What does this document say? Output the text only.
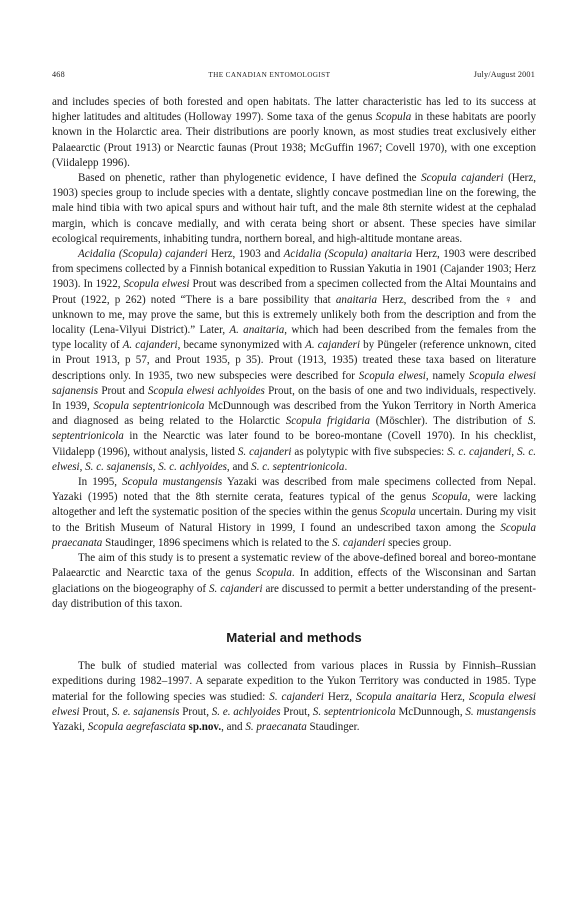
468	THE CANADIAN ENTOMOLOGIST	July/August 2001

and includes species of both forested and open habitats. The latter characteristic has led to its success at higher latitudes and altitudes (Holloway 1997). Some taxa of the genus Scopula in these habitats are poorly known in the Holarctic area. Their distributions are poorly known, as most studies treat exclusively either Palaearctic (Prout 1913) or Nearctic faunas (Prout 1938; McGuffin 1967; Covell 1970), with one exception (Viidalepp 1996).

Based on phenetic, rather than phylogenetic evidence, I have defined the Scopula cajanderi (Herz, 1903) species group to include species with a dentate, slightly concave postmedian line on the forewing, the male hind tibia with two apical spurs and without hair tuft, and the male 8th sternite widest at the cephalad margin, which is concave medially, and with cerata being short or absent. These species have similar ecological requirements, inhabiting tundra, northern boreal, and high-altitude montane areas.

Acidalia (Scopula) cajanderi Herz, 1903 and Acidalia (Scopula) anaitaria Herz, 1903 were described from specimens collected by a Finnish botanical expedition to Russian Yakutia in 1901 (Cajander 1903; Herz 1903). In 1922, Scopula elwesi Prout was described from a specimen collected from the Altai Mountains and Prout (1922, p 262) noted “There is a bare possibility that anaitaria Herz, described from the ♀ and unknown to me, may prove the same, but this is extremely unlikely both from the description and from the locality (Lena-Vilyui District).” Later, A. anaitaria, which had been described from the females from the type locality of A. cajanderi, became synonymized with A. cajanderi by Püngeler (reference unknown, cited in Prout 1913, p 57, and Prout 1935, p 35). Prout (1913, 1935) treated these taxa based on literature descriptions only. In 1935, two new subspecies were described for Scopula elwesi, namely Scopula elwesi sajanensis Prout and Scopula elwesi achlyoides Prout, on the basis of one and two individuals, respectively. In 1939, Scopula septentrionicola McDunnough was described from the Yukon Territory in North America and diagnosed as being related to the Holarctic Scopula frigidaria (Möschler). The distribution of S. septentrionicola in the Nearctic was later found to be boreo-montane (Covell 1970). In his checklist, Viidalepp (1996), without analysis, listed S. cajanderi as polytypic with five subspecies: S. c. cajanderi, S. c. elwesi, S. c. sajanensis, S. c. achlyoides, and S. c. septentrionicola.

In 1995, Scopula mustangensis Yazaki was described from male specimens collected from Nepal. Yazaki (1995) noted that the 8th sternite cerata, features typical of the genus Scopula, were lacking altogether and left the systematic position of the species within the genus Scopula uncertain. During my visit to the British Museum of Natural History in 1999, I found an undescribed taxon among the Scopula praecanata Staudinger, 1896 specimens which is related to the S. cajanderi species group.

The aim of this study is to present a systematic review of the above-defined boreal and boreo-montane Palaearctic and Nearctic taxa of the genus Scopula. In addition, effects of the Wisconsinan and Sartan glaciations on the biogeography of S. cajanderi are discussed to permit a better understanding of the present-day distribution of this taxon.

Material and methods

The bulk of studied material was collected from various places in Russia by Finnish–Russian expeditions during 1982–1997. A separate expedition to the Yukon Territory was conducted in 1985. Type material for the following species was studied: S. cajanderi Herz, Scopula anaitaria Herz, Scopula elwesi elwesi Prout, S. e. sajanensis Prout, S. e. achlyoides Prout, S. septentrionicola McDunnough, S. mustangensis Yazaki, Scopula aegrefasciata sp.nov., and S. praecanata Staudinger.
